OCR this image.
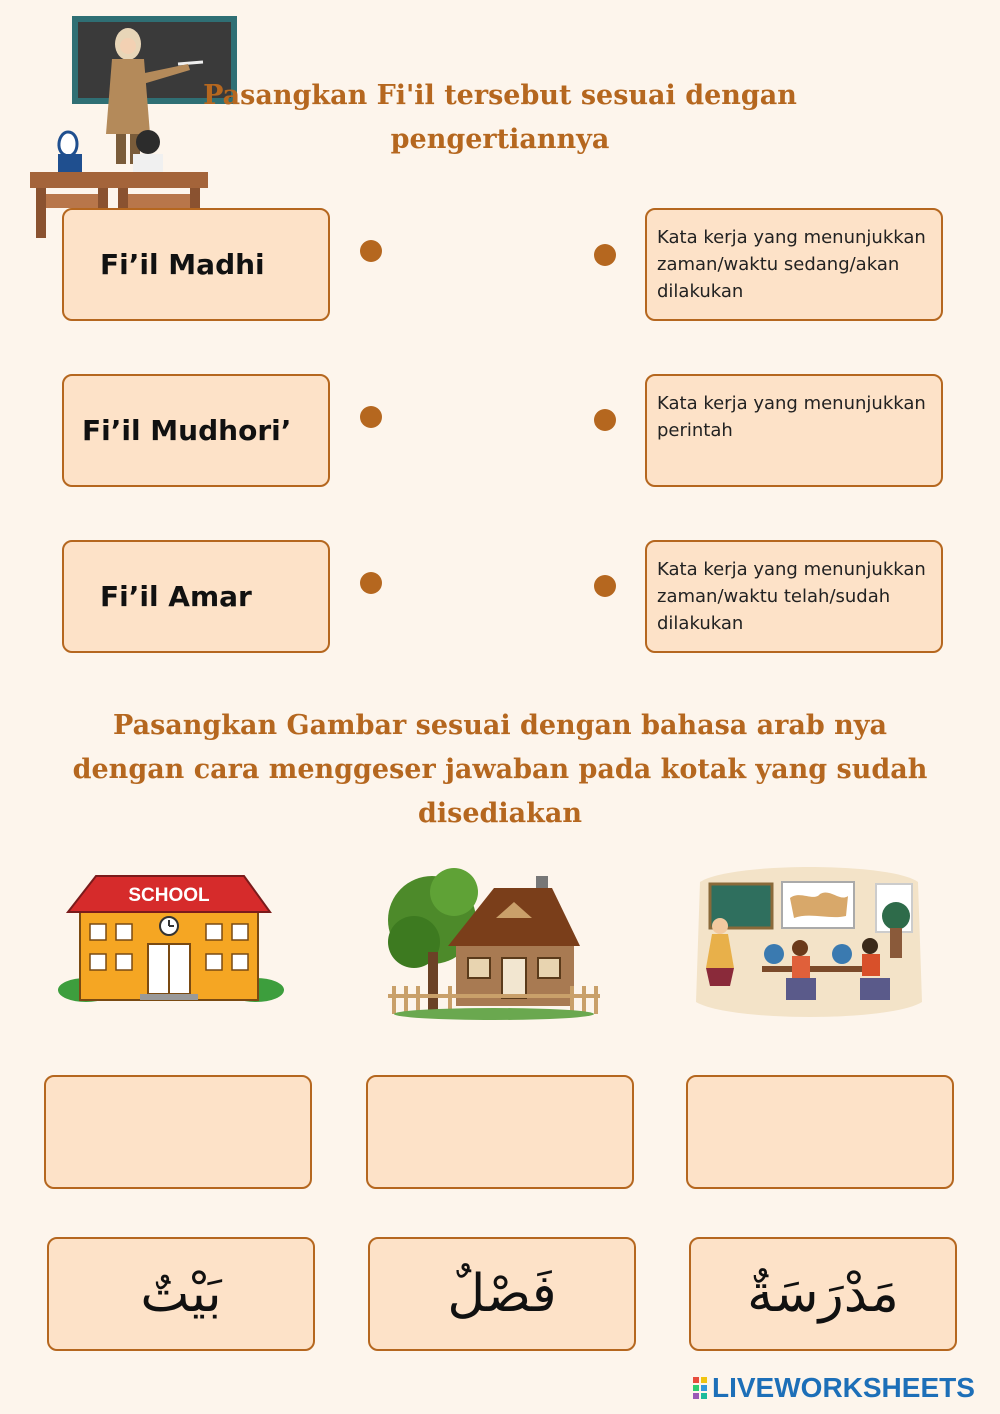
Pasangkan Fi'il tersebut sesuai dengan pengertiannya
Fi’il Madhi
Fi’il Mudhori’
Fi’il Amar
Kata kerja yang menunjukkan zaman/waktu sedang/akan dilakukan
Kata kerja yang menunjukkan perintah
Kata kerja yang menunjukkan zaman/waktu telah/sudah dilakukan
Pasangkan Gambar sesuai dengan bahasa arab nya dengan cara menggeser jawaban pada kotak yang sudah disediakan
SCHOOL
بَيْتٌ	فَصْلٌ	مَدْرَسَةٌ
LIVEWORKSHEETS
